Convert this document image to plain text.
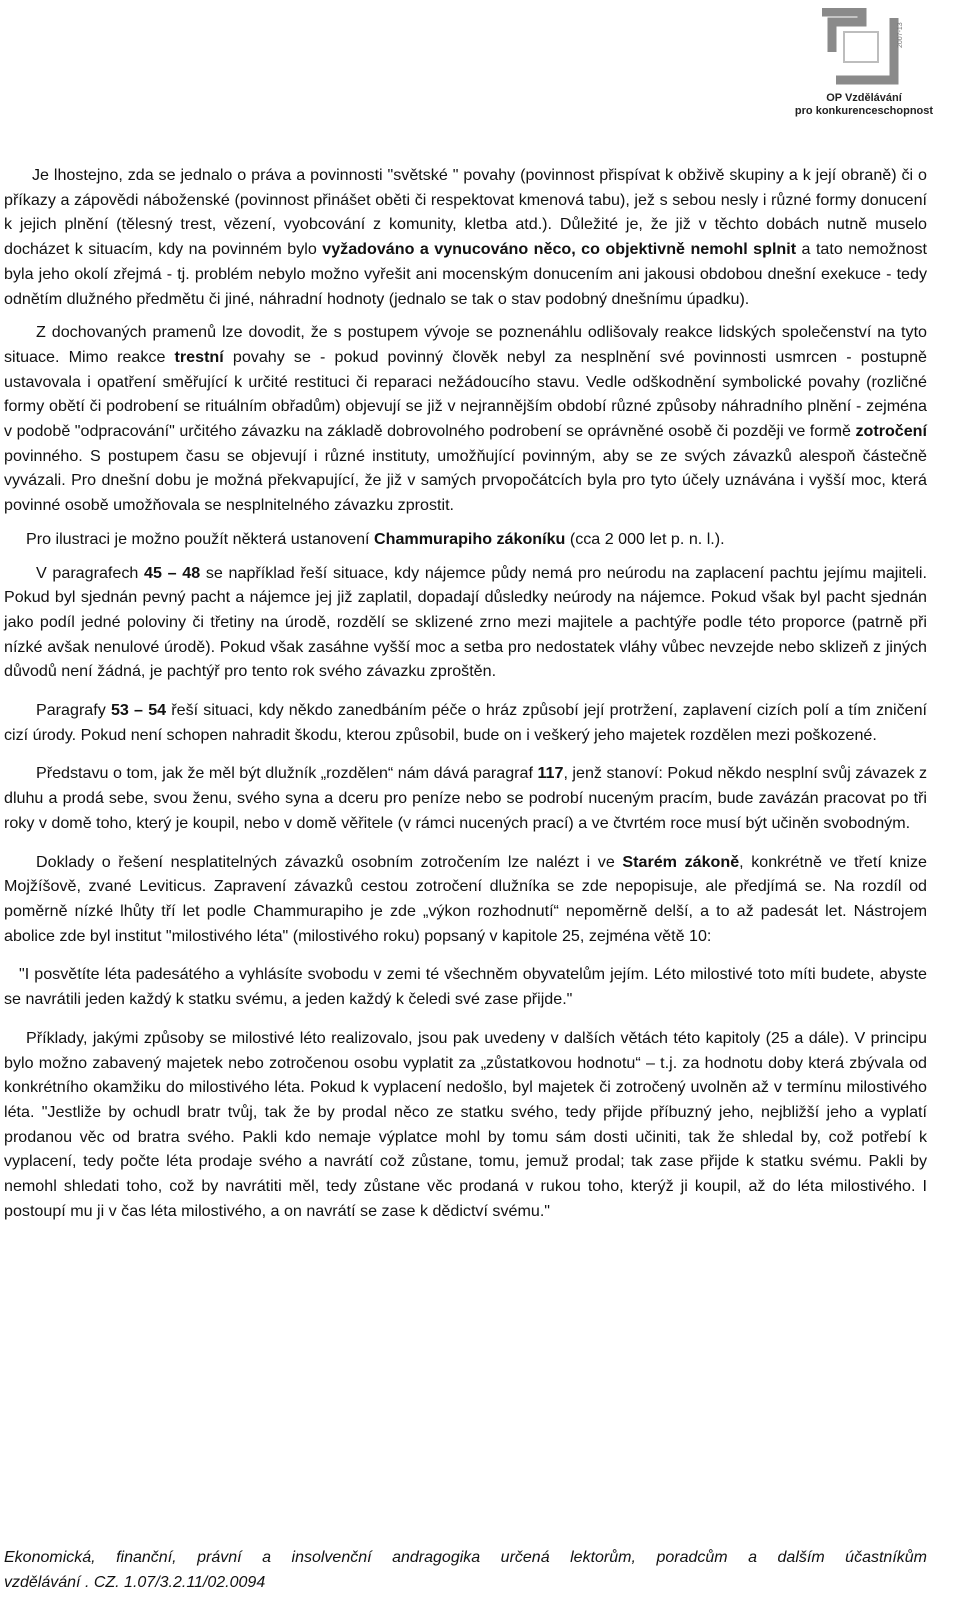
2007-13
OP Vzdělávání
pro konkurenceschopnost

Je lhostejno, zda se jednalo o práva a povinnosti "světské " povahy (povinnost přispívat k obživě skupiny a k její obraně) či o příkazy a zápovědi náboženské (povinnost přinášet oběti či respektovat kmenová tabu), jež s sebou nesly i různé formy donucení k jejich plnění (tělesný trest, vězení, vyobcování z komunity, kletba atd.). Důležité je, že již v těchto dobách nutně muselo docházet k situacím, kdy na povinném bylo vyžadováno a vynucováno něco, co objektivně nemohl splnit a tato nemožnost byla jeho okolí zřejmá - tj. problém nebylo možno vyřešit ani mocenským donucením ani jakousi obdobou dnešní exekuce - tedy odnětím dlužného předmětu či jiné, náhradní hodnoty (jednalo se tak o stav podobný dnešnímu úpadku).

Z dochovaných pramenů lze dovodit, že s postupem vývoje se poznenáhlu odlišovaly reakce lidských společenství na tyto situace. Mimo reakce trestní povahy se - pokud povinný člověk nebyl za nesplnění své povinnosti usmrcen - postupně ustavovala i opatření směřující k určité restituci či reparaci nežádoucího stavu. Vedle odškodnění symbolické povahy (rozličné formy obětí či podrobení se rituálním obřadům) objevují se již v nejrannějším období různé způsoby náhradního plnění - zejména v podobě "odpracování" určitého závazku na základě dobrovolného podrobení se oprávněné osobě či později ve formě zotročení povinného. S postupem času se objevují i různé instituty, umožňující povinným, aby se ze svých závazků alespoň částečně vyvázali. Pro dnešní dobu je možná překvapující, že již v samých prvopočátcích byla pro tyto účely uznávána i vyšší moc, která povinné osobě umožňovala se nesplnitelného závazku zprostit.

Pro ilustraci je možno použít některá ustanovení Chammurapiho zákoníku (cca 2 000 let p. n. l.).

V paragrafech 45 – 48 se například řeší situace, kdy nájemce půdy nemá pro neúrodu na zaplacení pachtu jejímu majiteli. Pokud byl sjednán pevný pacht a nájemce jej již zaplatil, dopadají důsledky neúrody na nájemce. Pokud však byl pacht sjednán jako podíl jedné poloviny či třetiny na úrodě, rozdělí se sklizené zrno mezi majitele a pachtýře podle této proporce (patrně při nízké avšak nenulové úrodě). Pokud však zasáhne vyšší moc a setba pro nedostatek vláhy vůbec nevzejde nebo sklizeň z jiných důvodů není žádná, je pachtýř pro tento rok svého závazku zproštěn.

Paragrafy 53 – 54 řeší situaci, kdy někdo zanedbáním péče o hráz způsobí její protržení, zaplavení cizích polí a tím zničení cizí úrody. Pokud není schopen nahradit škodu, kterou způsobil, bude on i veškerý jeho majetek rozdělen mezi poškozené.

Představu o tom, jak že měl být dlužník „rozdělen“ nám dává paragraf 117, jenž stanoví: Pokud někdo nesplní svůj závazek z dluhu a prodá sebe, svou ženu, svého syna a dceru pro peníze nebo se podrobí nuceným pracím, bude zavázán pracovat po tři roky v domě toho, který je koupil, nebo v domě věřitele (v rámci nucených prací) a ve čtvrtém roce musí být učiněn svobodným.

Doklady o řešení nesplatitelných závazků osobním zotročením lze nalézt i ve Starém zákoně, konkrétně ve třetí knize Mojžíšově, zvané Leviticus. Zapravení závazků cestou zotročení dlužníka se zde nepopisuje, ale předjímá se. Na rozdíl od poměrně nízké lhůty tří let podle Chammurapiho je zde „výkon rozhodnutí“ nepoměrně delší, a to až padesát let. Nástrojem abolice zde byl institut "milostivého léta" (milostivého roku) popsaný v kapitole 25, zejména větě 10:

"I posvětíte léta padesátého a vyhlásíte svobodu v zemi té všechněm obyvatelům jejím. Léto milostivé toto míti budete, abyste se navrátili jeden každý k statku svému, a jeden každý k čeledi své zase přijde."

Příklady, jakými způsoby se milostivé léto realizovalo, jsou pak uvedeny v dalších větách této kapitoly (25 a dále). V principu bylo možno zabavený majetek nebo zotročenou osobu vyplatit za „zůstatkovou hodnotu“ – t.j. za hodnotu doby která zbývala od konkrétního okamžiku do milostivého léta. Pokud k vyplacení nedošlo, byl majetek či zotročený uvolněn až v termínu milostivého léta. "Jestliže by ochudl bratr tvůj, tak že by prodal něco ze statku svého, tedy přijde příbuzný jeho, nejbližší jeho a vyplatí prodanou věc od bratra svého. Pakli kdo nemaje výplatce mohl by tomu sám dosti učiniti, tak že shledal by, což potřebí k vyplacení, tedy počte léta prodaje svého a navrátí což zůstane, tomu, jemuž prodal; tak zase přijde k statku svému. Pakli by nemohl shledati toho, což by navrátiti měl, tedy zůstane věc prodaná v rukou toho, kterýž ji koupil, až do léta milostivého. I postoupí mu ji v čas léta milostivého, a on navrátí se zase k dědictví svému."

Ekonomická, finanční, právní a insolvenční andragogika určená lektorům, poradcům a dalším účastníkům
vzdělávání . CZ. 1.07/3.2.11/02.0094
